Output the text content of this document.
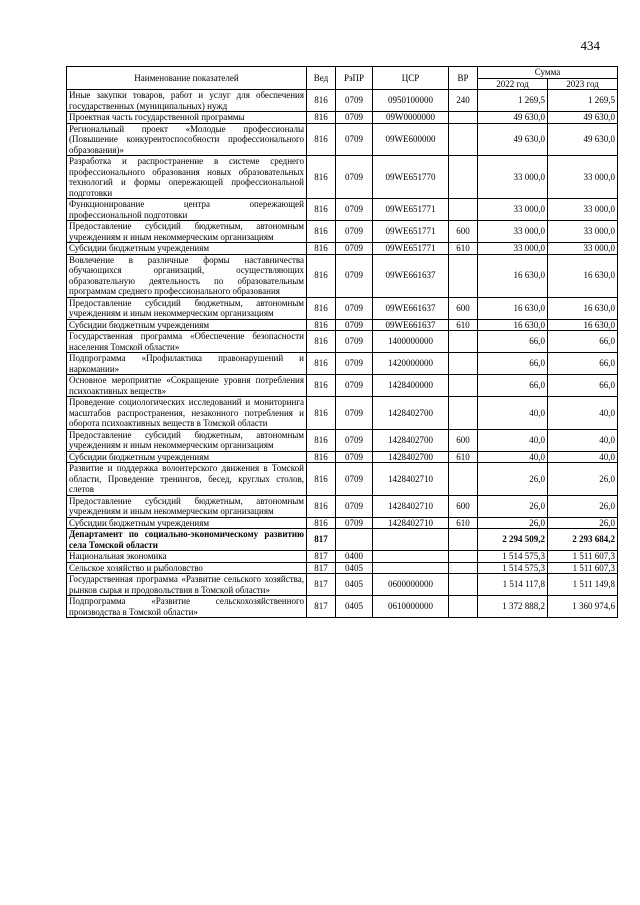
434
Наименование показателей	Вед	РзПР	ЦСР	ВР	Сумма	
					2022 год	2023 год
Иные закупки товаров, работ и услуг для обеспечения государственных (муниципальных) нужд	816	0709	0950100000	240	1 269,5	1 269,5
Проектная часть государственной программы	816	0709	09W0000000		49 630,0	49 630,0
Региональный проект «Молодые профессионалы (Повышение конкурентоспособности профессионального образования)»	816	0709	09WE600000		49 630,0	49 630,0
Разработка и распространение в системе среднего профессионального образования новых образовательных технологий и формы опережающей профессиональной подготовки	816	0709	09WE651770		33 000,0	33 000,0
Функционирование центра опережающей профессиональной подготовки	816	0709	09WE651771		33 000,0	33 000,0
Предоставление субсидий бюджетным, автономным учреждениям и иным некоммерческим организациям	816	0709	09WE651771	600	33 000,0	33 000,0
Субсидии бюджетным учреждениям	816	0709	09WE651771	610	33 000,0	33 000,0
Вовлечение в различные формы наставничества обучающихся организаций, осуществляющих образовательную деятельность по образовательным программам среднего профессионального образования	816	0709	09WE661637		16 630,0	16 630,0
Предоставление субсидий бюджетным, автономным учреждениям и иным некоммерческим организациям	816	0709	09WE661637	600	16 630,0	16 630,0
Субсидии бюджетным учреждениям	816	0709	09WE661637	610	16 630,0	16 630,0
Государственная программа «Обеспечение безопасности населения Томской области»	816	0709	1400000000		66,0	66,0
Подпрограмма «Профилактика правонарушений и наркомании»	816	0709	1420000000		66,0	66,0
Основное мероприятие «Сокращение уровня потребления психоактивных веществ»	816	0709	1428400000		66,0	66,0
Проведение социологических исследований и мониторинга масштабов распространения, незаконного потребления и оборота психоактивных веществ в Томской области	816	0709	1428402700		40,0	40,0
Предоставление субсидий бюджетным, автономным учреждениям и иным некоммерческим организациям	816	0709	1428402700	600	40,0	40,0
Субсидии бюджетным учреждениям	816	0709	1428402700	610	40,0	40,0
Развитие и поддержка волонтерского движения в Томской области, Проведение тренингов, бесед, круглых столов, слетов	816	0709	1428402710		26,0	26,0
Предоставление субсидий бюджетным, автономным учреждениям и иным некоммерческим организациям	816	0709	1428402710	600	26,0	26,0
Субсидии бюджетным учреждениям	816	0709	1428402710	610	26,0	26,0
Департамент по социально-экономическому развитию села Томской области	817				2 294 509,2	2 293 684,2
Национальная экономика	817	0400			1 514 575,3	1 511 607,3
Сельское хозяйство и рыболовство	817	0405			1 514 575,3	1 511 607,3
Государственная программа «Развитие сельского хозяйства, рынков сырья и продовольствия в Томской области»	817	0405	0600000000		1 514 117,8	1 511 149,8
Подпрограмма «Развитие сельскохозяйственного производства в Томской области»	817	0405	0610000000		1 372 888,2	1 360 974,6
